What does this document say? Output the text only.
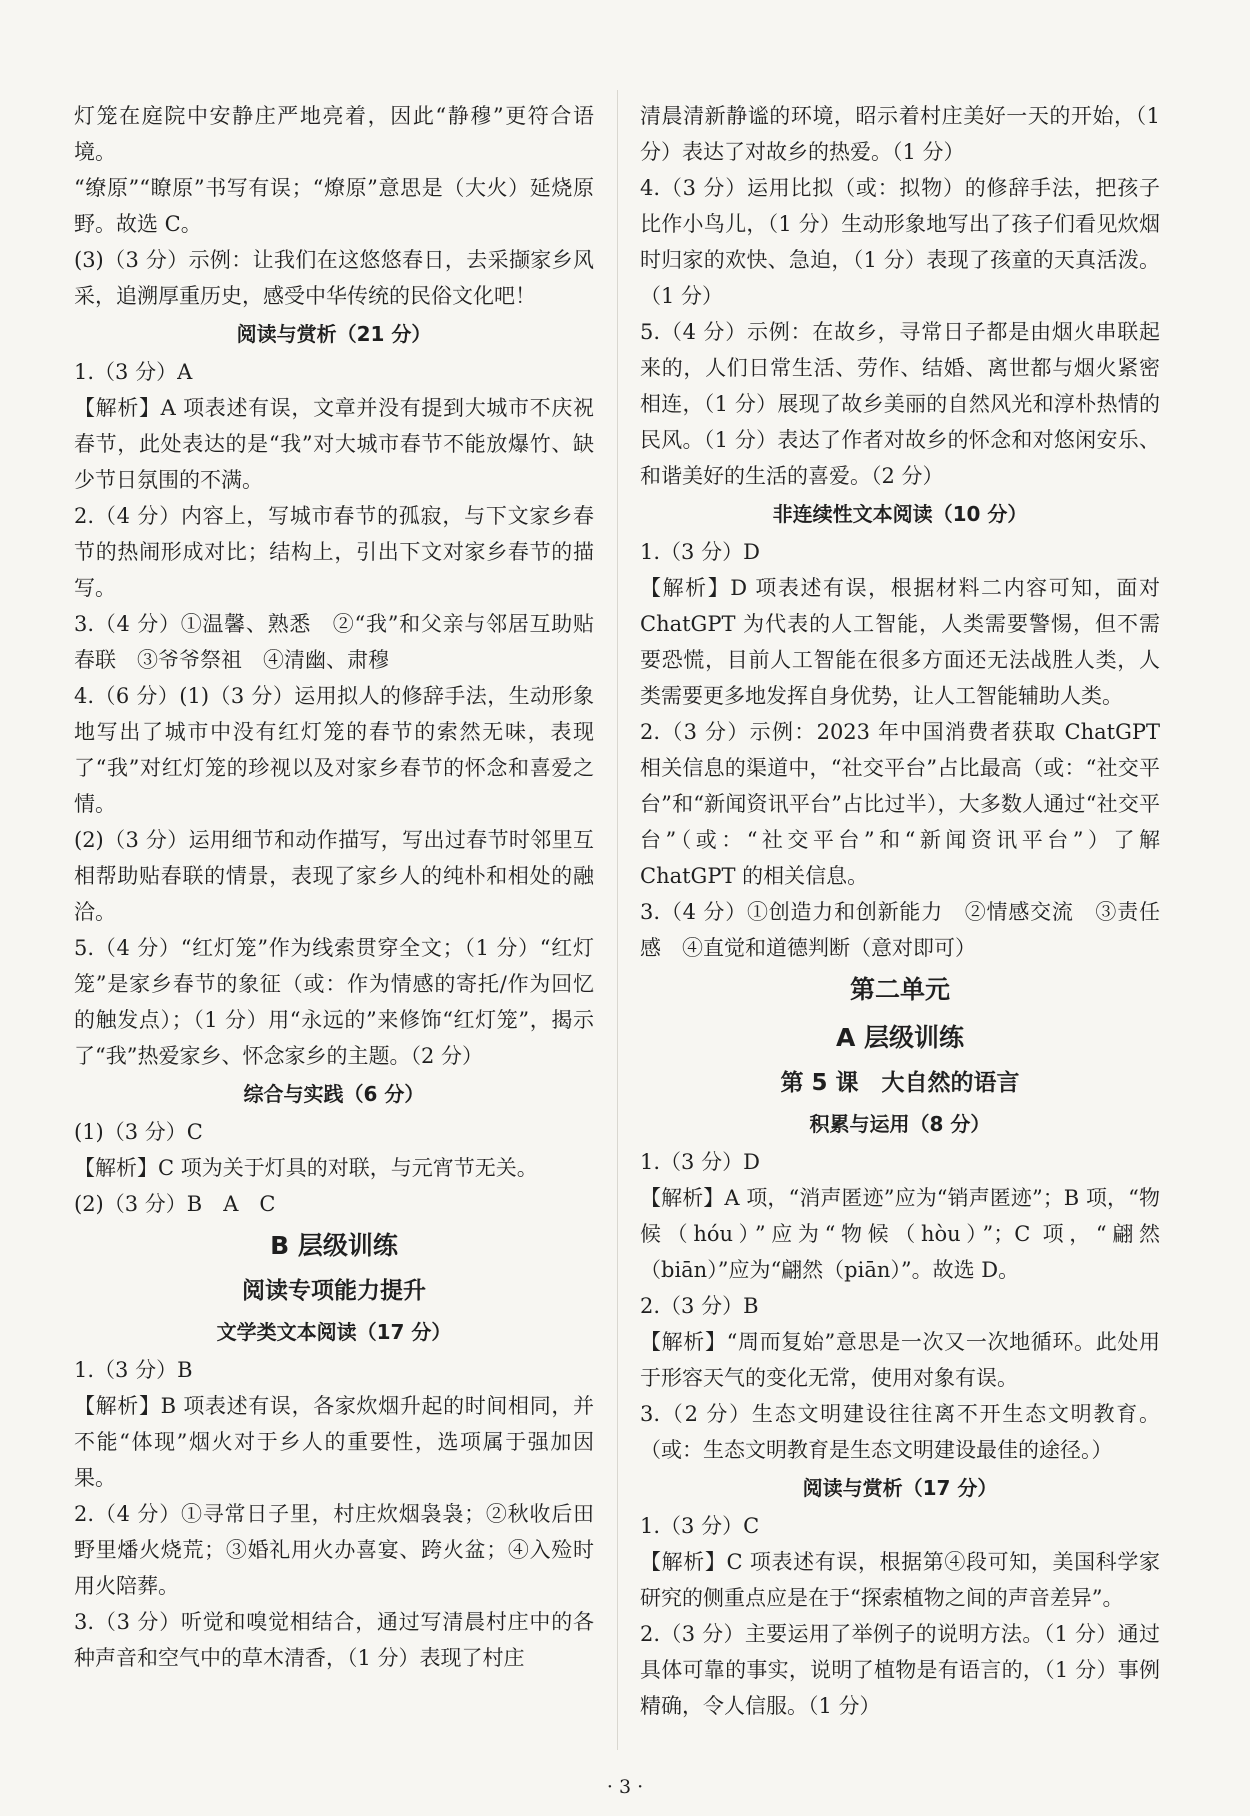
灯笼在庭院中安静庄严地亮着，因此“静穆”更符合语境。

“缭原”“瞭原”书写有误；“燎原”意思是（大火）延烧原野。故选 C。

(3)（3 分）示例：让我们在这悠悠春日，去采撷家乡风采，追溯厚重历史，感受中华传统的民俗文化吧！

阅读与赏析（21 分）

1.（3 分）A

【解析】A 项表述有误，文章并没有提到大城市不庆祝春节，此处表达的是“我”对大城市春节不能放爆竹、缺少节日氛围的不满。

2.（4 分）内容上，写城市春节的孤寂，与下文家乡春节的热闹形成对比；结构上，引出下文对家乡春节的描写。

3.（4 分）①温馨、熟悉　②“我”和父亲与邻居互助贴春联　③爷爷祭祖　④清幽、肃穆

4.（6 分）(1)（3 分）运用拟人的修辞手法，生动形象地写出了城市中没有红灯笼的春节的索然无味，表现了“我”对红灯笼的珍视以及对家乡春节的怀念和喜爱之情。

(2)（3 分）运用细节和动作描写，写出过春节时邻里互相帮助贴春联的情景，表现了家乡人的纯朴和相处的融洽。

5.（4 分）“红灯笼”作为线索贯穿全文；（1 分）“红灯笼”是家乡春节的象征（或：作为情感的寄托/作为回忆的触发点）；（1 分）用“永远的”来修饰“红灯笼”，揭示了“我”热爱家乡、怀念家乡的主题。（2 分）

综合与实践（6 分）

(1)（3 分）C

【解析】C 项为关于灯具的对联，与元宵节无关。

(2)（3 分）B　A　C

B 层级训练

阅读专项能力提升

文学类文本阅读（17 分）

1.（3 分）B

【解析】B 项表述有误，各家炊烟升起的时间相同，并不能“体现”烟火对于乡人的重要性，选项属于强加因果。

2.（4 分）①寻常日子里，村庄炊烟袅袅；②秋收后田野里燔火烧荒；③婚礼用火办喜宴、跨火盆；④入殓时用火陪葬。

3.（3 分）听觉和嗅觉相结合，通过写清晨村庄中的各种声音和空气中的草木清香，（1 分）表现了村庄

清晨清新静谧的环境，昭示着村庄美好一天的开始，（1 分）表达了对故乡的热爱。（1 分）

4.（3 分）运用比拟（或：拟物）的修辞手法，把孩子比作小鸟儿，（1 分）生动形象地写出了孩子们看见炊烟时归家的欢快、急迫，（1 分）表现了孩童的天真活泼。（1 分）

5.（4 分）示例：在故乡，寻常日子都是由烟火串联起来的，人们日常生活、劳作、结婚、离世都与烟火紧密相连，（1 分）展现了故乡美丽的自然风光和淳朴热情的民风。（1 分）表达了作者对故乡的怀念和对悠闲安乐、和谐美好的生活的喜爱。（2 分）

非连续性文本阅读（10 分）

1.（3 分）D

【解析】D 项表述有误，根据材料二内容可知，面对 ChatGPT 为代表的人工智能，人类需要警惕，但不需要恐慌，目前人工智能在很多方面还无法战胜人类，人类需要更多地发挥自身优势，让人工智能辅助人类。

2.（3 分）示例：2023 年中国消费者获取 ChatGPT 相关信息的渠道中，“社交平台”占比最高（或：“社交平台”和“新闻资讯平台”占比过半），大多数人通过“社交平台”（或：“社交平台”和“新闻资讯平台”）了解 ChatGPT 的相关信息。

3.（4 分）①创造力和创新能力　②情感交流　③责任感　④直觉和道德判断（意对即可）

第二单元

A 层级训练

第 5 课　大自然的语言

积累与运用（8 分）

1.（3 分）D

【解析】A 项，“消声匿迹”应为“销声匿迹”；B 项，“物候（hóu）”应为“物候（hòu）”；C 项，“翩然（biān）”应为“翩然（piān）”。故选 D。

2.（3 分）B

【解析】“周而复始”意思是一次又一次地循环。此处用于形容天气的变化无常，使用对象有误。

3.（2 分）生态文明建设往往离不开生态文明教育。（或：生态文明教育是生态文明建设最佳的途径。）

阅读与赏析（17 分）

1.（3 分）C

【解析】C 项表述有误，根据第④段可知，美国科学家研究的侧重点应是在于“探索植物之间的声音差异”。

2.（3 分）主要运用了举例子的说明方法。（1 分）通过具体可靠的事实，说明了植物是有语言的，（1 分）事例精确，令人信服。（1 分）

· 3 ·
